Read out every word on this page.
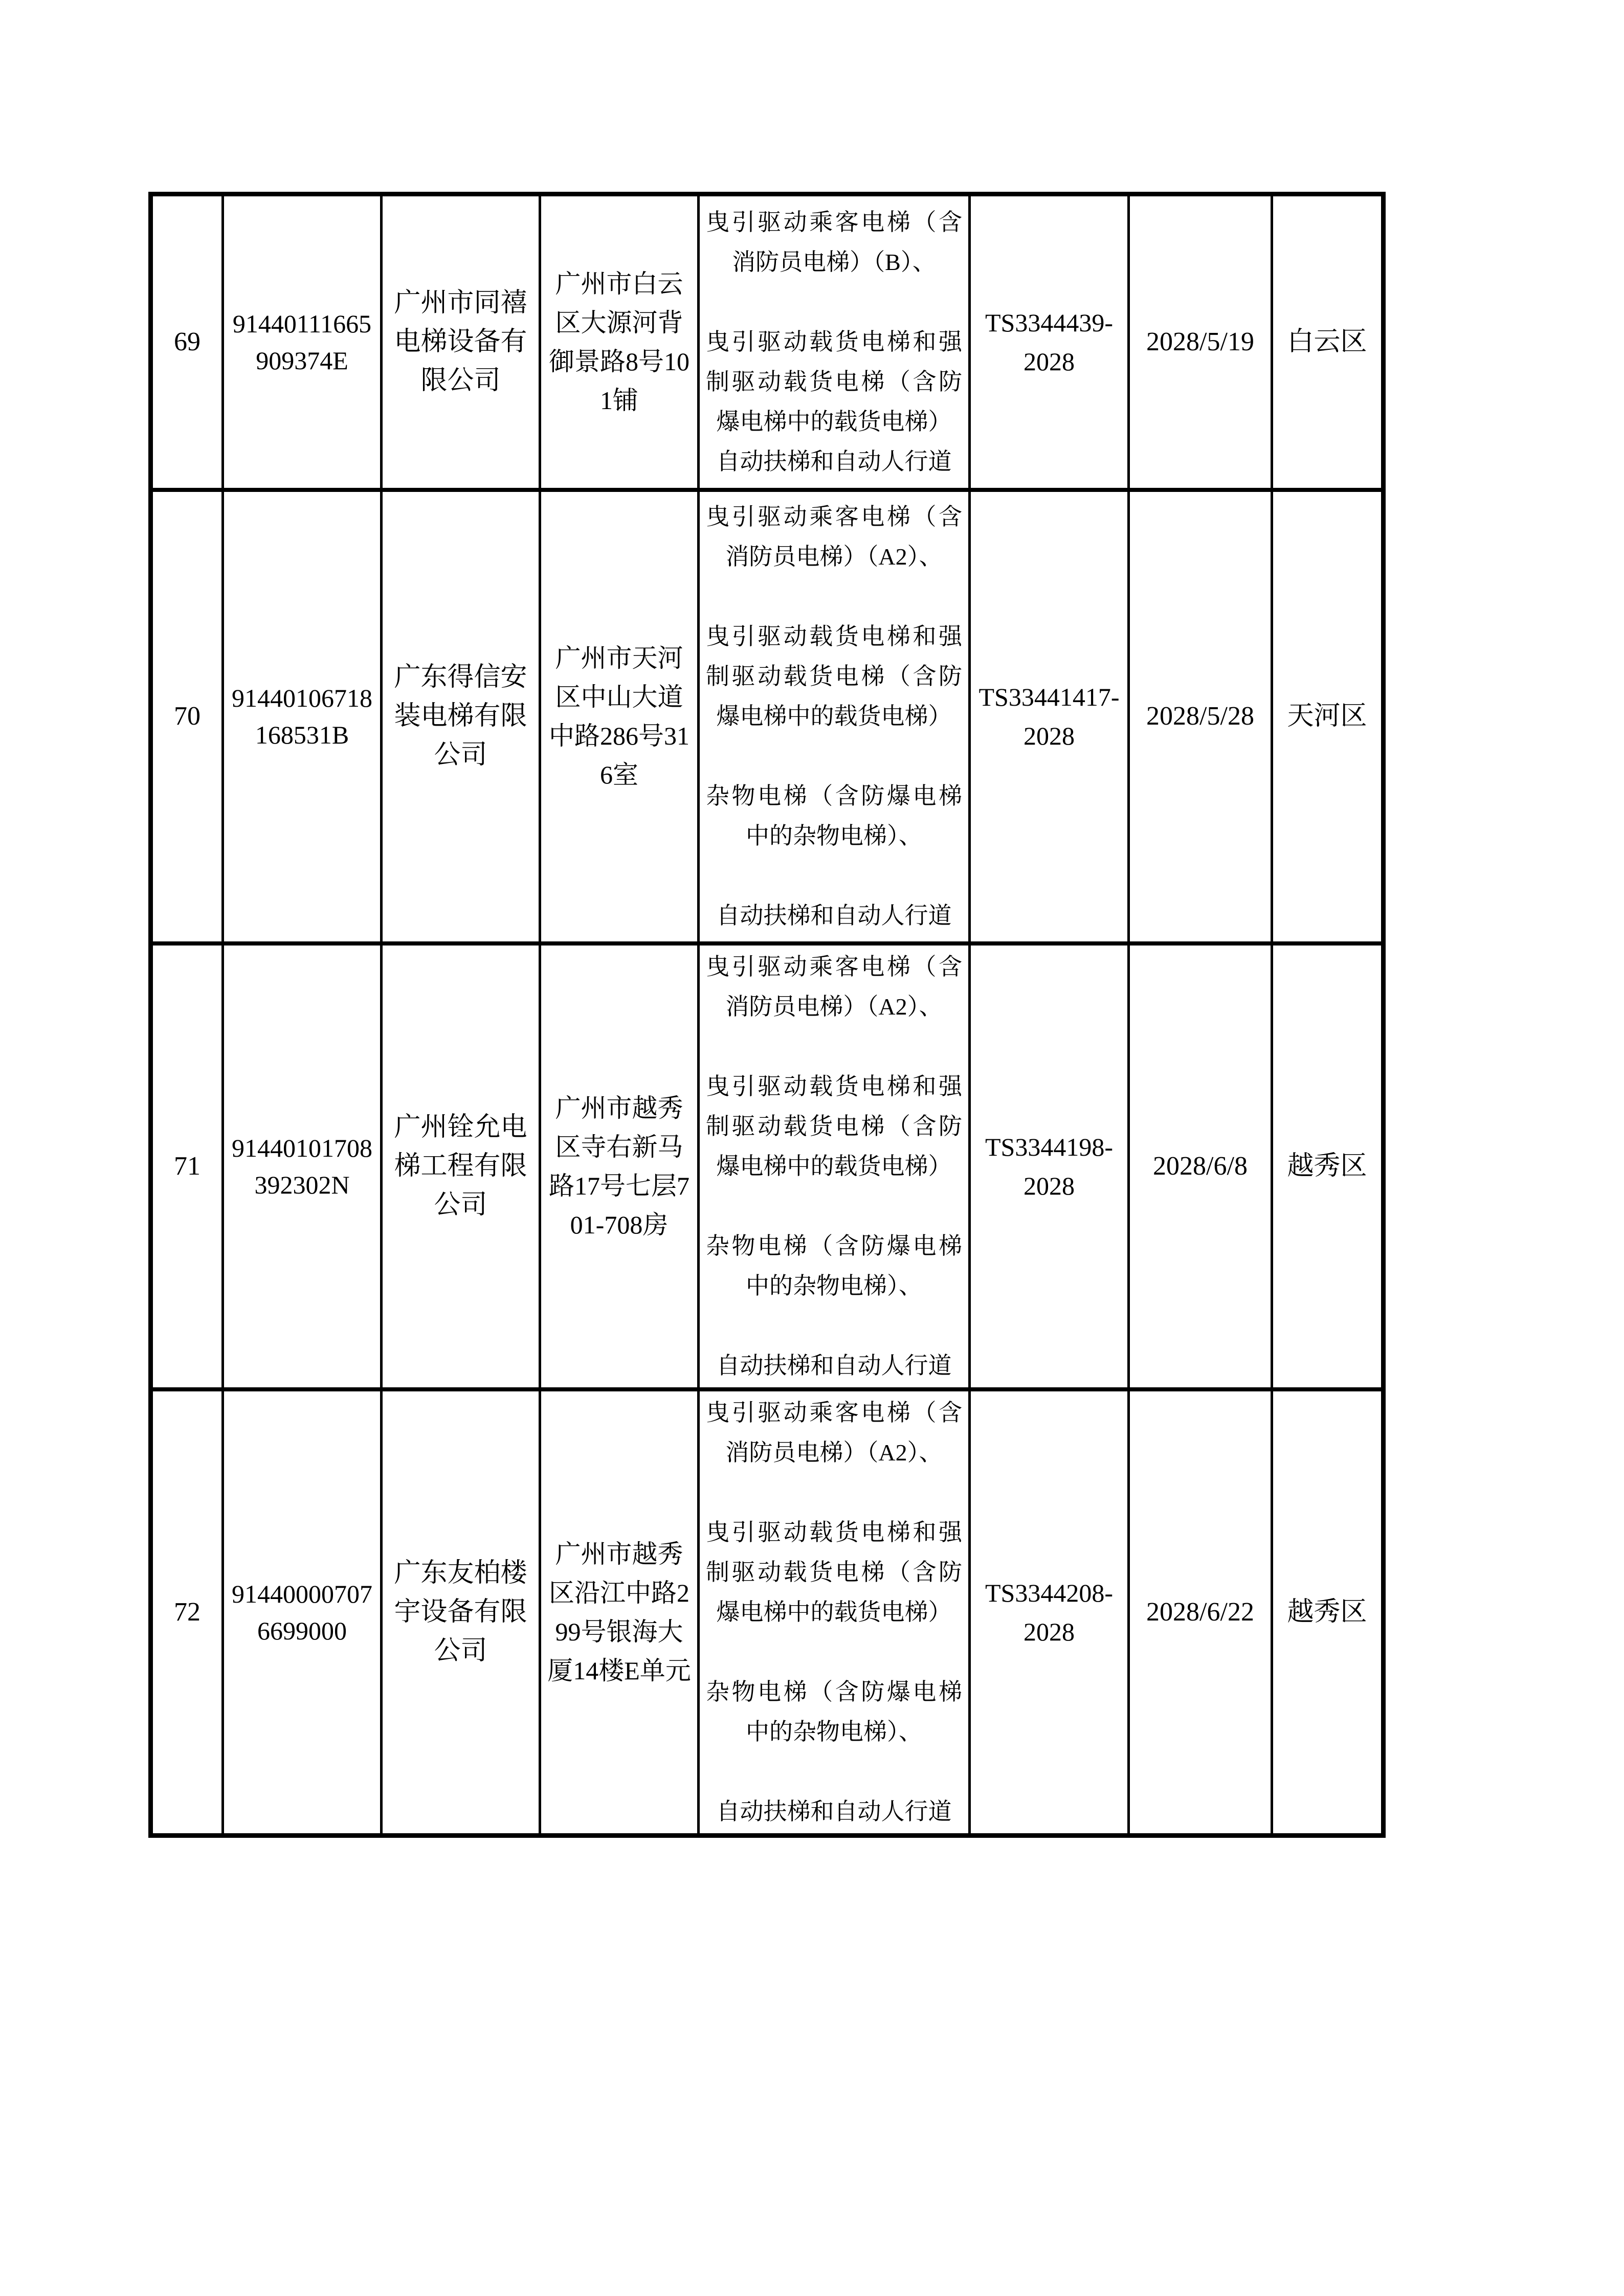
69	91440111665909374E	广州市同禧电梯设备有限公司	广州市白云区大源河背御景路8号101铺	曳引驱动乘客电梯（含消防员电梯）（B）、
曳引驱动载货电梯和强制驱动载货电梯（含防爆电梯中的载货电梯）
自动扶梯和自动人行道	TS3344439-2028	2028/5/19	白云区
70	91440106718168531B	广东得信安装电梯有限公司	广州市天河区中山大道中路286号316室	曳引驱动乘客电梯（含消防员电梯）（A2）、
曳引驱动载货电梯和强制驱动载货电梯（含防爆电梯中的载货电梯）
杂物电梯（含防爆电梯中的杂物电梯）、
自动扶梯和自动人行道	TS33441417-2028	2028/5/28	天河区
71	91440101708392302N	广州铨允电梯工程有限公司	广州市越秀区寺右新马路17号七层701-708房	曳引驱动乘客电梯（含消防员电梯）（A2）、
曳引驱动载货电梯和强制驱动载货电梯（含防爆电梯中的载货电梯）
杂物电梯（含防爆电梯中的杂物电梯）、
自动扶梯和自动人行道	TS3344198-2028	2028/6/8	越秀区
72	914400007076699000	广东友柏楼宇设备有限公司	广州市越秀区沿江中路299号银海大厦14楼E单元	曳引驱动乘客电梯（含消防员电梯）（A2）、
曳引驱动载货电梯和强制驱动载货电梯（含防爆电梯中的载货电梯）
杂物电梯（含防爆电梯中的杂物电梯）、
自动扶梯和自动人行道	TS3344208-2028	2028/6/22	越秀区
